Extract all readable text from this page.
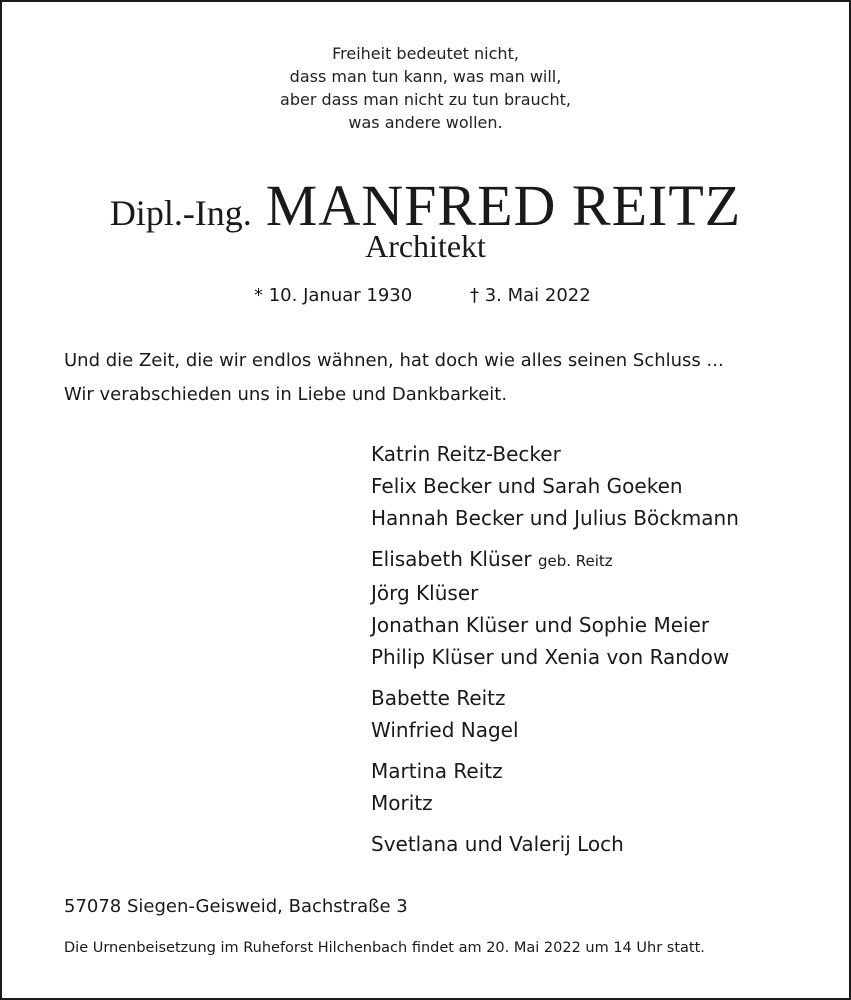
Freiheit bedeutet nicht,
dass man tun kann, was man will,
aber dass man nicht zu tun braucht,
was andere wollen.
Dipl.-Ing. MANFRED REITZ
Architekt
* 10. Januar 1930	† 3. Mai 2022
Und die Zeit, die wir endlos wähnen, hat doch wie alles seinen Schluss ...
Wir verabschieden uns in Liebe und Dankbarkeit.
Katrin Reitz-Becker
Felix Becker und Sarah Goeken
Hannah Becker und Julius Böckmann
Elisabeth Klüser geb. Reitz
Jörg Klüser
Jonathan Klüser und Sophie Meier
Philip Klüser und Xenia von Randow
Babette Reitz
Winfried Nagel
Martina Reitz
Moritz
Svetlana und Valerij Loch
57078 Siegen-Geisweid, Bachstraße 3
Die Urnenbeisetzung im Ruheforst Hilchenbach findet am 20. Mai 2022 um 14 Uhr statt.
